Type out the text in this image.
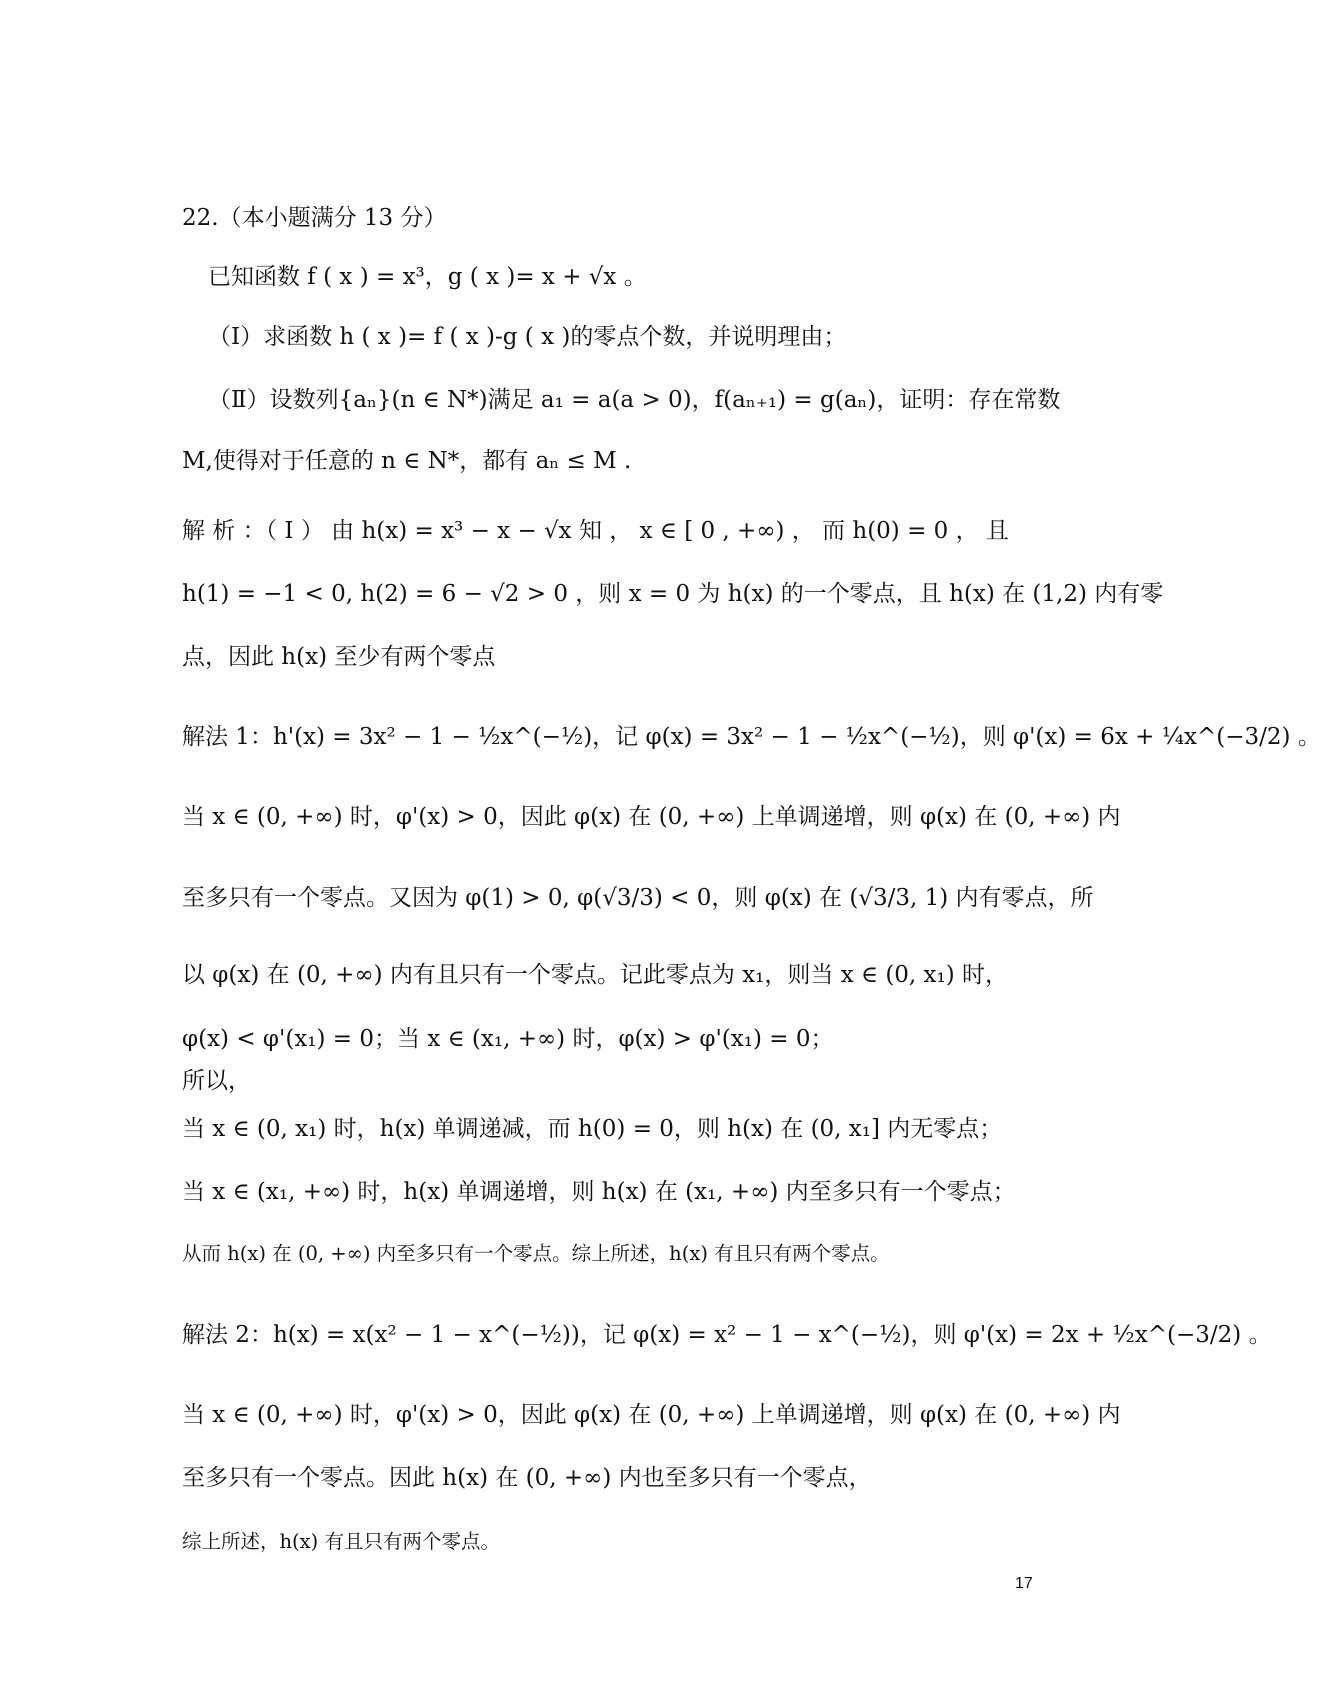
22.（本小题满分 13 分）
已知函数 f ( x ) = x³，g ( x )= x + √x 。
（Ⅰ）求函数 h ( x )= f ( x )-g ( x )的零点个数，并说明理由；
（Ⅱ）设数列{aₙ}(n ∈ N*)满足 a₁ = a(a > 0)，f(aₙ₊₁) = g(aₙ)，证明：存在常数
M,使得对于任意的 n ∈ N*，都有 aₙ ≤ M .
解 析 ：（ Ⅰ ） 由 h(x) = x³ − x − √x 知 ， x ∈ [ 0 , +∞) ， 而 h(0) = 0 ， 且
h(1) = −1 < 0, h(2) = 6 − √2 > 0 ，则 x = 0 为 h(x) 的一个零点，且 h(x) 在 (1,2) 内有零
点，因此 h(x) 至少有两个零点
解法 1：h'(x) = 3x² − 1 − ½x^(−½)，记 φ(x) = 3x² − 1 − ½x^(−½)，则 φ'(x) = 6x + ¼x^(−3/2) 。
当 x ∈ (0, +∞) 时，φ'(x) > 0，因此 φ(x) 在 (0, +∞) 上单调递增，则 φ(x) 在 (0, +∞) 内
至多只有一个零点。又因为 φ(1) > 0, φ(√3/3) < 0，则 φ(x) 在 (√3/3, 1) 内有零点，所
以 φ(x) 在 (0, +∞) 内有且只有一个零点。记此零点为 x₁，则当 x ∈ (0, x₁) 时，
φ(x) < φ'(x₁) = 0；当 x ∈ (x₁, +∞) 时，φ(x) > φ'(x₁) = 0；
所以，
当 x ∈ (0, x₁) 时，h(x) 单调递减，而 h(0) = 0，则 h(x) 在 (0, x₁] 内无零点；
当 x ∈ (x₁, +∞) 时，h(x) 单调递增，则 h(x) 在 (x₁, +∞) 内至多只有一个零点；
从而 h(x) 在 (0, +∞) 内至多只有一个零点。综上所述，h(x) 有且只有两个零点。
解法 2：h(x) = x(x² − 1 − x^(−½))，记 φ(x) = x² − 1 − x^(−½)，则 φ'(x) = 2x + ½x^(−3/2) 。
当 x ∈ (0, +∞) 时，φ'(x) > 0，因此 φ(x) 在 (0, +∞) 上单调递增，则 φ(x) 在 (0, +∞) 内
至多只有一个零点。因此 h(x) 在 (0, +∞) 内也至多只有一个零点，
综上所述，h(x) 有且只有两个零点。
17
